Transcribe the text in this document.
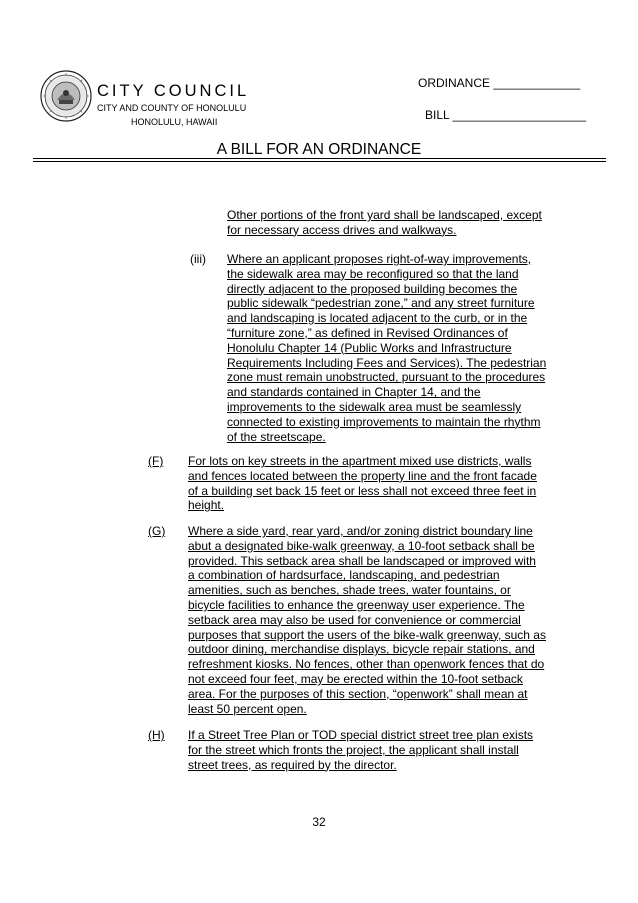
CITY COUNCIL
CITY AND COUNTY OF HONOLULU
HONOLULU, HAWAII
ORDINANCE _____________
BILL ____________________
A BILL FOR AN ORDINANCE
Other portions of the front yard shall be landscaped, except
for necessary access drives and walkways.
(iii) Where an applicant proposes right-of-way improvements,
the sidewalk area may be reconfigured so that the land
directly adjacent to the proposed building becomes the
public sidewalk “pedestrian zone,” and any street furniture
and landscaping is located adjacent to the curb, or in the
“furniture zone,” as defined in Revised Ordinances of
Honolulu Chapter 14 (Public Works and Infrastructure
Requirements Including Fees and Services). The pedestrian
zone must remain unobstructed, pursuant to the procedures
and standards contained in Chapter 14, and the
improvements to the sidewalk area must be seamlessly
connected to existing improvements to maintain the rhythm
of the streetscape.
(F) For lots on key streets in the apartment mixed use districts, walls
and fences located between the property line and the front facade
of a building set back 15 feet or less shall not exceed three feet in
height.
(G) Where a side yard, rear yard, and/or zoning district boundary line
abut a designated bike-walk greenway, a 10-foot setback shall be
provided. This setback area shall be landscaped or improved with
a combination of hardsurface, landscaping, and pedestrian
amenities, such as benches, shade trees, water fountains, or
bicycle facilities to enhance the greenway user experience. The
setback area may also be used for convenience or commercial
purposes that support the users of the bike-walk greenway, such as
outdoor dining, merchandise displays, bicycle repair stations, and
refreshment kiosks. No fences, other than openwork fences that do
not exceed four feet, may be erected within the 10-foot setback
area. For the purposes of this section, “openwork” shall mean at
least 50 percent open.
(H) If a Street Tree Plan or TOD special district street tree plan exists
for the street which fronts the project, the applicant shall install
street trees, as required by the director.
32
